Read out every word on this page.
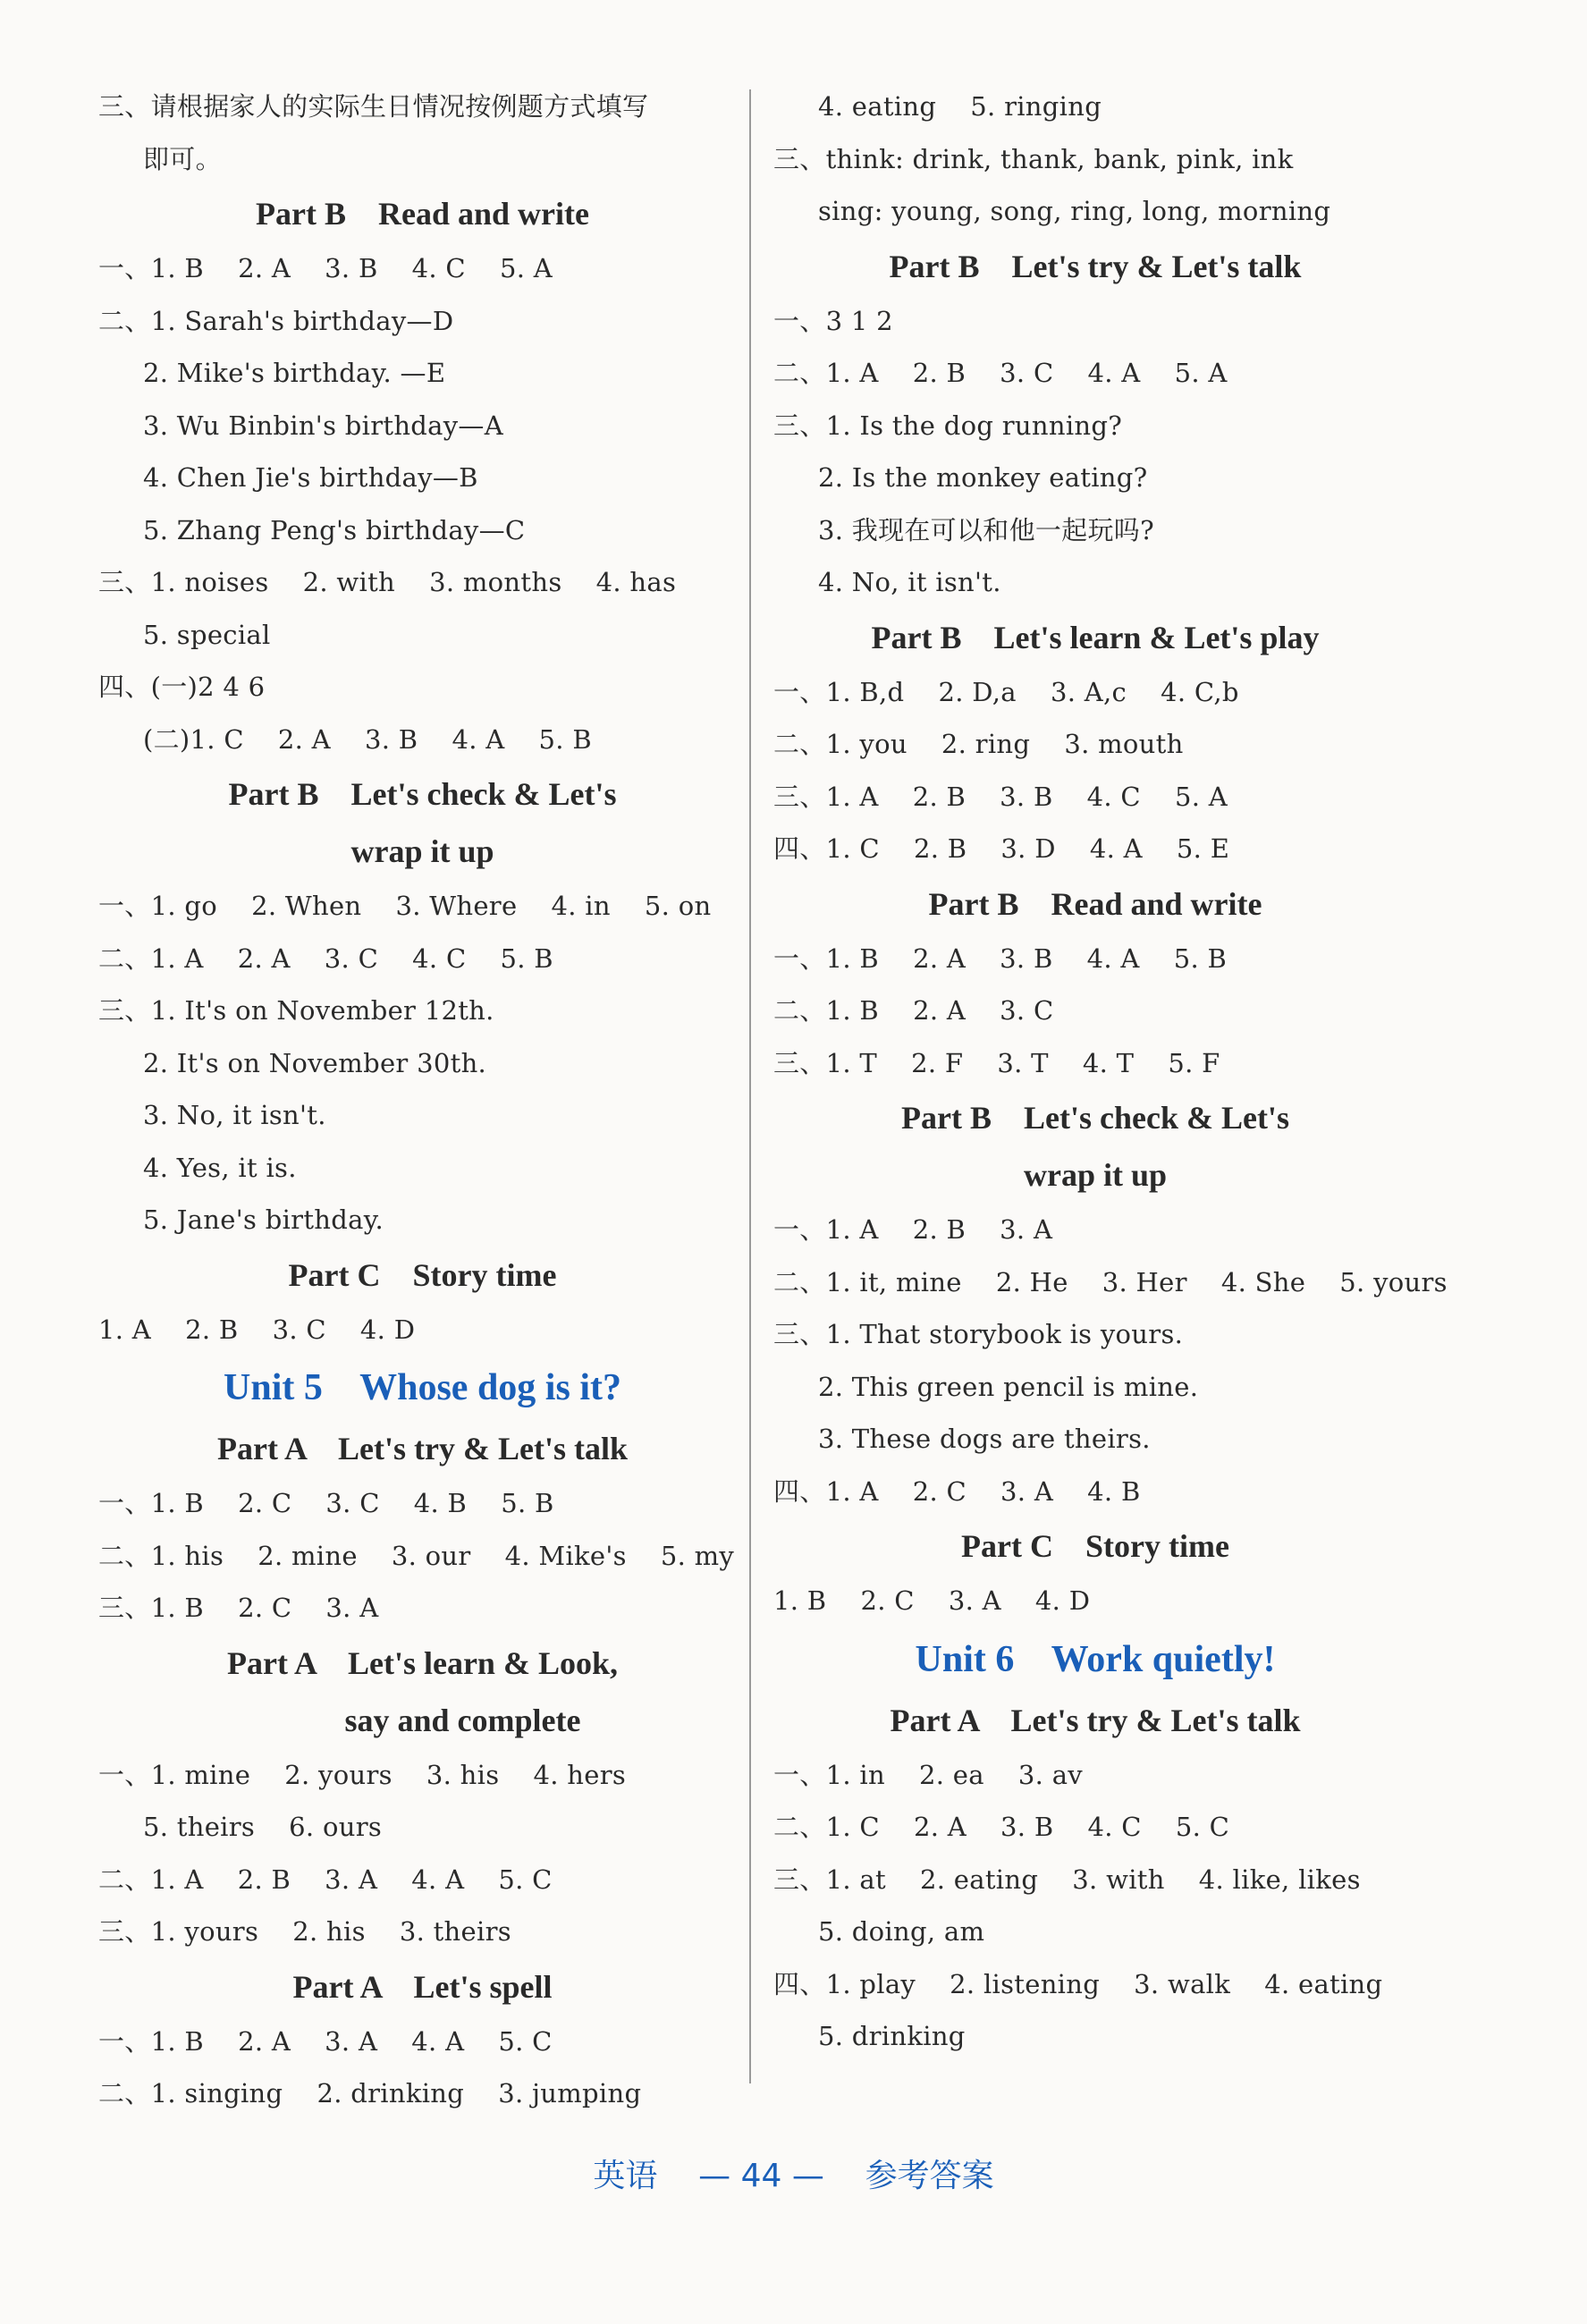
三、请根据家人的实际生日情况按例题方式填写

即可。

Part B    Read and write

一、1. B    2. A    3. B    4. C    5. A

二、1. Sarah's birthday—D

2. Mike's birthday. —E

3. Wu Binbin's birthday—A

4. Chen Jie's birthday—B

5. Zhang Peng's birthday—C

三、1. noises    2. with    3. months    4. has

5. special

四、(一)2 4 6

(二)1. C    2. A    3. B    4. A    5. B

Part B    Let's check & Let's

wrap it up

一、1. go    2. When    3. Where    4. in    5. on

二、1. A    2. A    3. C    4. C    5. B

三、1. It's on November 12th.

2. It's on November 30th.

3. No, it isn't.

4. Yes, it is.

5. Jane's birthday.

Part C    Story time

1. A    2. B    3. C    4. D

Unit 5    Whose dog is it?

Part A    Let's try & Let's talk

一、1. B    2. C    3. C    4. B    5. B

二、1. his    2. mine    3. our    4. Mike's    5. my

三、1. B    2. C    3. A

Part A    Let's learn & Look,

say and complete

一、1. mine    2. yours    3. his    4. hers

5. theirs    6. ours

二、1. A    2. B    3. A    4. A    5. C

三、1. yours    2. his    3. theirs

Part A    Let's spell

一、1. B    2. A    3. A    4. A    5. C

二、1. singing    2. drinking    3. jumping

4. eating    5. ringing

三、think: drink, thank, bank, pink, ink

sing: young, song, ring, long, morning

Part B    Let's try & Let's talk

一、3 1 2

二、1. A    2. B    3. C    4. A    5. A

三、1. Is the dog running?

2. Is the monkey eating?

3. 我现在可以和他一起玩吗?

4. No, it isn't.

Part B    Let's learn & Let's play

一、1. B,d    2. D,a    3. A,c    4. C,b

二、1. you    2. ring    3. mouth

三、1. A    2. B    3. B    4. C    5. A

四、1. C    2. B    3. D    4. A    5. E

Part B    Read and write

一、1. B    2. A    3. B    4. A    5. B

二、1. B    2. A    3. C

三、1. T    2. F    3. T    4. T    5. F

Part B    Let's check & Let's

wrap it up

一、1. A    2. B    3. A

二、1. it, mine    2. He    3. Her    4. She    5. yours

三、1. That storybook is yours.

2. This green pencil is mine.

3. These dogs are theirs.

四、1. A    2. C    3. A    4. B

Part C    Story time

1. B    2. C    3. A    4. D

Unit 6    Work quietly!

Part A    Let's try & Let's talk

一、1. in    2. ea    3. av

二、1. C    2. A    3. B    4. C    5. C

三、1. at    2. eating    3. with    4. like, likes

5. doing, am

四、1. play    2. listening    3. walk    4. eating

5. drinking

英语    — 44 —    参考答案
